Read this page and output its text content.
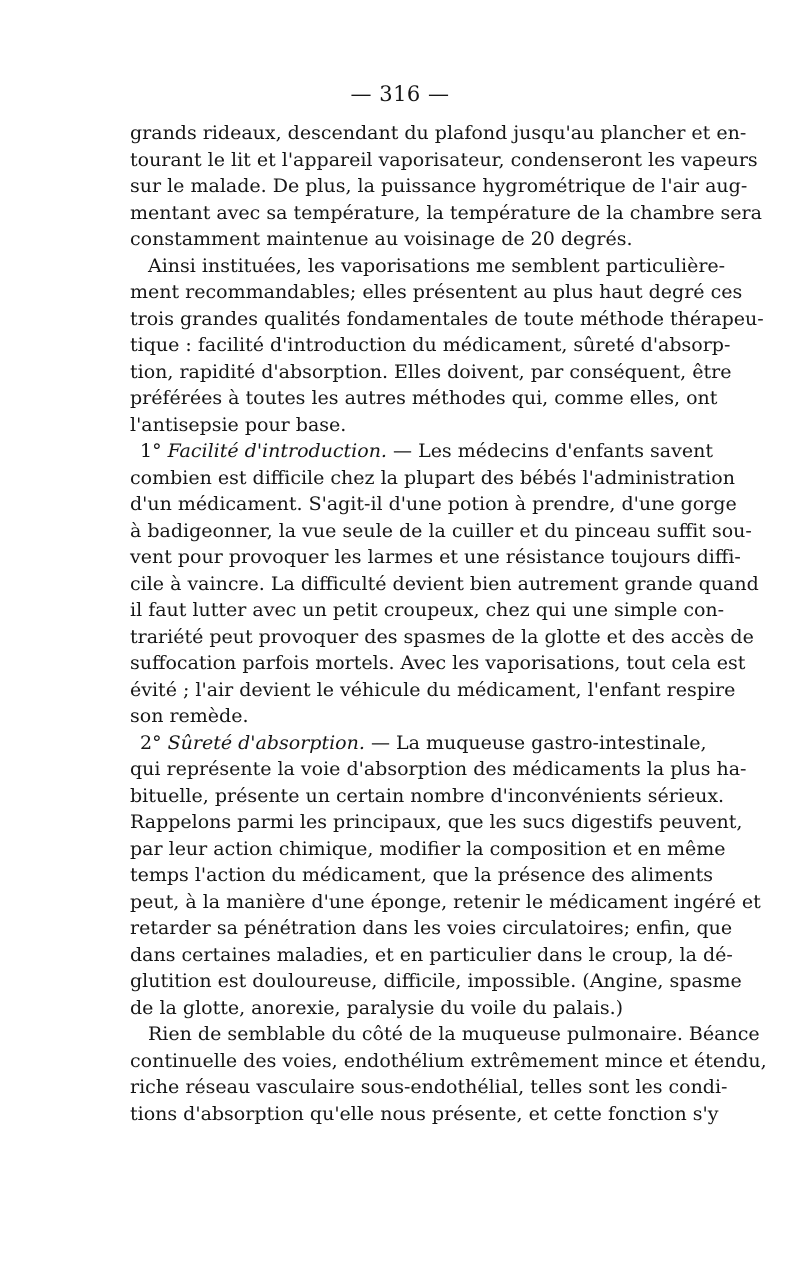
— 316 —
grands rideaux, descendant du plafond jusqu'au plancher et en-
tourant le lit et l'appareil vaporisateur, condenseront les vapeurs
sur le malade. De plus, la puissance hygrométrique de l'air aug-
mentant avec sa température, la température de la chambre sera
constamment maintenue au voisinage de 20 degrés.
Ainsi instituées, les vaporisations me semblent particulière-
ment recommandables; elles présentent au plus haut degré ces
trois grandes qualités fondamentales de toute méthode thérapeu-
tique : facilité d'introduction du médicament, sûreté d'absorp-
tion, rapidité d'absorption. Elles doivent, par conséquent, être
préférées à toutes les autres méthodes qui, comme elles, ont
l'antisepsie pour base.
1° Facilité d'introduction. — Les médecins d'enfants savent
combien est difficile chez la plupart des bébés l'administration
d'un médicament. S'agit-il d'une potion à prendre, d'une gorge
à badigeonner, la vue seule de la cuiller et du pinceau suffit sou-
vent pour provoquer les larmes et une résistance toujours diffi-
cile à vaincre. La difficulté devient bien autrement grande quand
il faut lutter avec un petit croupeux, chez qui une simple con-
trariété peut provoquer des spasmes de la glotte et des accès de
suffocation parfois mortels. Avec les vaporisations, tout cela est
évité ; l'air devient le véhicule du médicament, l'enfant respire
son remède.
2° Sûreté d'absorption. — La muqueuse gastro-intestinale,
qui représente la voie d'absorption des médicaments la plus ha-
bituelle, présente un certain nombre d'inconvénients sérieux.
Rappelons parmi les principaux, que les sucs digestifs peuvent,
par leur action chimique, modifier la composition et en même
temps l'action du médicament, que la présence des aliments
peut, à la manière d'une éponge, retenir le médicament ingéré et
retarder sa pénétration dans les voies circulatoires; enfin, que
dans certaines maladies, et en particulier dans le croup, la dé-
glutition est douloureuse, difficile, impossible. (Angine, spasme
de la glotte, anorexie, paralysie du voile du palais.)
Rien de semblable du côté de la muqueuse pulmonaire. Béance
continuelle des voies, endothélium extrêmement mince et étendu,
riche réseau vasculaire sous-endothélial, telles sont les condi-
tions d'absorption qu'elle nous présente, et cette fonction s'y
